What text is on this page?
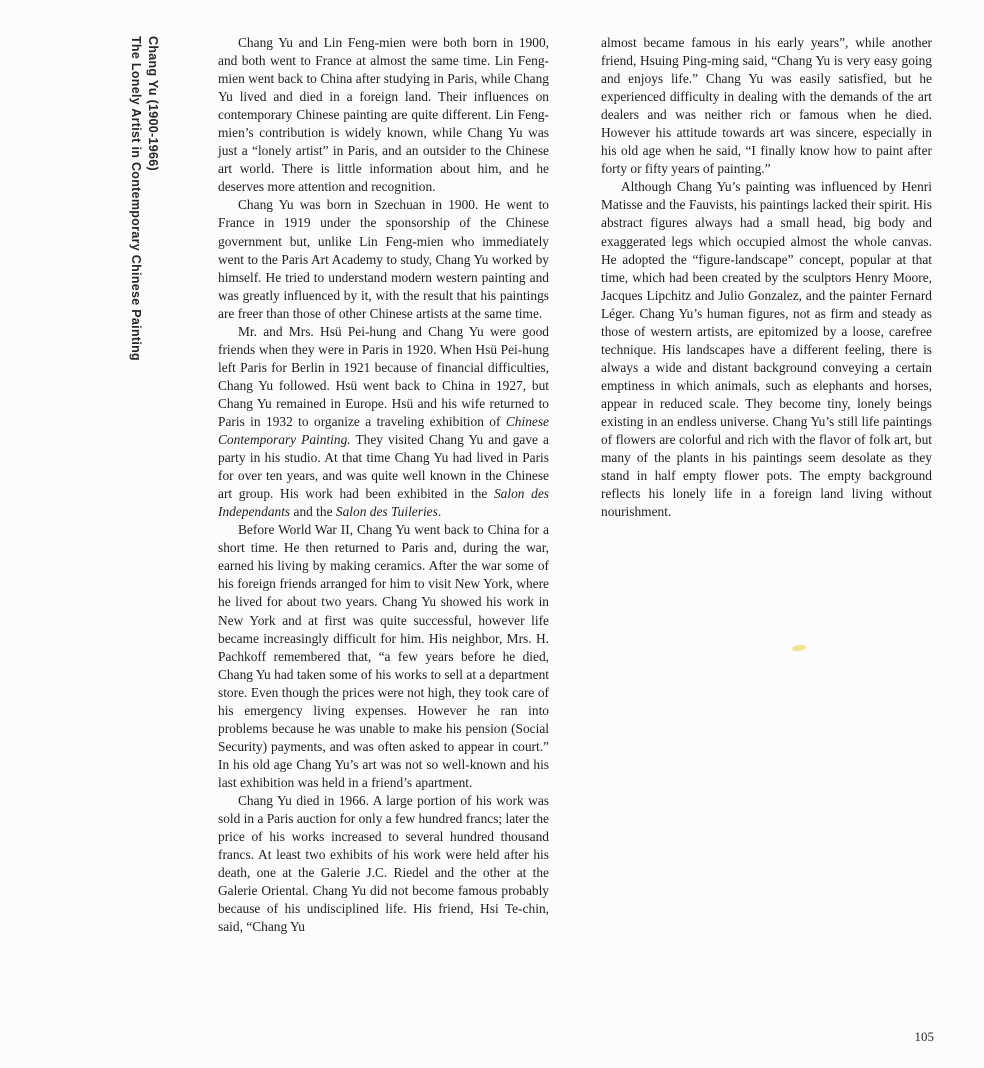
Chang Yu (1900-1966)
The Lonely Artist in Contemporary Chinese Painting	Chang Yu and Lin Feng-mien were both born in 1900, and both went to France at almost the same time. Lin Feng-mien went back to China after studying in Paris, while Chang Yu lived and died in a foreign land. Their influences on contemporary Chinese painting are quite different. Lin Feng-mien’s contribution is widely known, while Chang Yu was just a “lonely artist” in Paris, and an outsider to the Chinese art world. There is little information about him, and he deserves more attention and recognition.

Chang Yu was born in Szechuan in 1900. He went to France in 1919 under the sponsorship of the Chinese government but, unlike Lin Feng-mien who immediately went to the Paris Art Academy to study, Chang Yu worked by himself. He tried to understand modern western painting and was greatly influenced by it, with the result that his paintings are freer than those of other Chinese artists at the same time.

Mr. and Mrs. Hsü Pei-hung and Chang Yu were good friends when they were in Paris in 1920. When Hsü Pei-hung left Paris for Berlin in 1921 because of financial difficulties, Chang Yu followed. Hsü went back to China in 1927, but Chang Yu remained in Europe. Hsü and his wife returned to Paris in 1932 to organize a traveling exhibition of Chinese Contemporary Painting. They visited Chang Yu and gave a party in his studio. At that time Chang Yu had lived in Paris for over ten years, and was quite well known in the Chinese art group. His work had been exhibited in the Salon des Independants and the Salon des Tuileries.

Before World War II, Chang Yu went back to China for a short time. He then returned to Paris and, during the war, earned his living by making ceramics. After the war some of his foreign friends arranged for him to visit New York, where he lived for about two years. Chang Yu showed his work in New York and at first was quite successful, however life became increasingly difficult for him. His neighbor, Mrs. H. Pachkoff remembered that, “a few years before he died, Chang Yu had taken some of his works to sell at a department store. Even though the prices were not high, they took care of his emergency living expenses. However he ran into problems because he was unable to make his pension (Social Security) payments, and was often asked to appear in court.” In his old age Chang Yu’s art was not so well-known and his last exhibition was held in a friend’s apartment.

Chang Yu died in 1966. A large portion of his work was sold in a Paris auction for only a few hundred francs; later the price of his works increased to several hundred thousand francs. At least two exhibits of his work were held after his death, one at the Galerie J.C. Riedel and the other at the Galerie Oriental. Chang Yu did not become famous probably because of his undisciplined life. His friend, Hsi Te-chin, said, “Chang Yu

almost became famous in his early years”, while another friend, Hsuing Ping-ming said, “Chang Yu is very easy going and enjoys life.” Chang Yu was easily satisfied, but he experienced difficulty in dealing with the demands of the art dealers and was neither rich or famous when he died. However his attitude towards art was sincere, especially in his old age when he said, “I finally know how to paint after forty or fifty years of painting.”

Although Chang Yu’s painting was influenced by Henri Matisse and the Fauvists, his paintings lacked their spirit. His abstract figures always had a small head, big body and exaggerated legs which occupied almost the whole canvas. He adopted the “figure-landscape” concept, popular at that time, which had been created by the sculptors Henry Moore, Jacques Lipchitz and Julio Gonzalez, and the painter Fernard Léger. Chang Yu’s human figures, not as firm and steady as those of western artists, are epitomized by a loose, carefree technique. His landscapes have a different feeling, there is always a wide and distant background conveying a certain emptiness in which animals, such as elephants and horses, appear in reduced scale. They become tiny, lonely beings existing in an endless universe. Chang Yu’s still life paintings of flowers are colorful and rich with the flavor of folk art, but many of the plants in his paintings seem desolate as they stand in half empty flower pots. The empty background reflects his lonely life in a foreign land living without nourishment.

105
